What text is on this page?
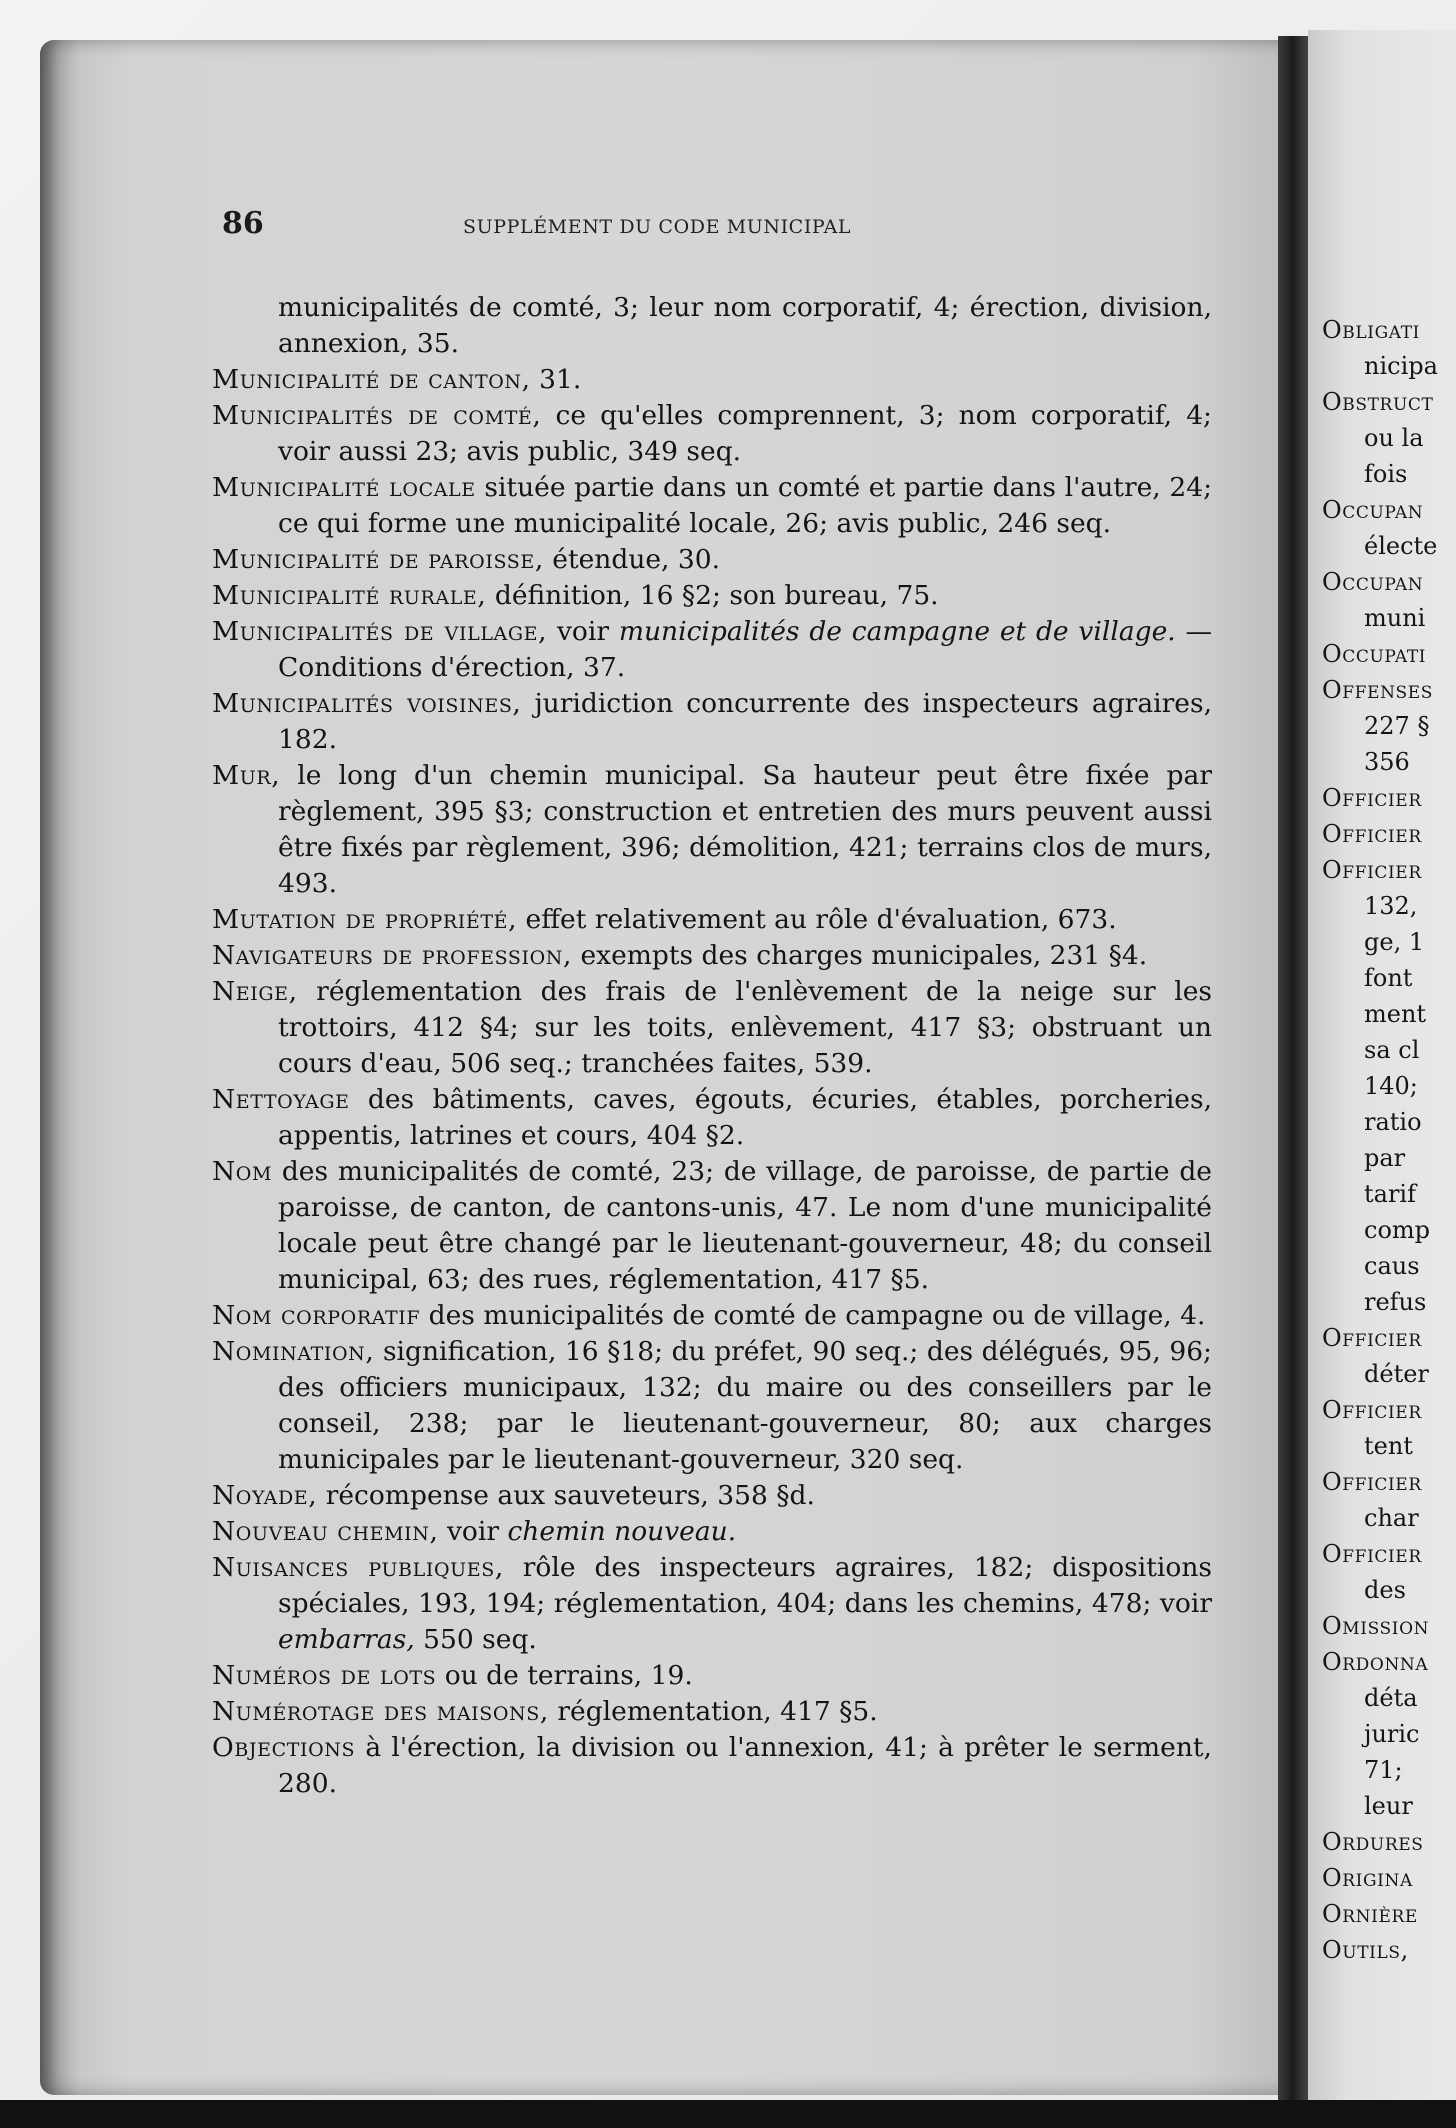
86	SUPPLÉMENT DU CODE MUNICIPAL

municipalités de comté, 3; leur nom corporatif, 4; érection, division, annexion, 35.

Municipalité de canton, 31.

Municipalités de comté, ce qu'elles comprennent, 3; nom corporatif, 4; voir aussi 23; avis public, 349 seq.

Municipalité locale située partie dans un comté et partie dans l'autre, 24; ce qui forme une municipalité locale, 26; avis public, 246 seq.

Municipalité de paroisse, étendue, 30.

Municipalité rurale, définition, 16 §2; son bureau, 75.

Municipalités de village, voir municipalités de campagne et de village. — Conditions d'érection, 37.

Municipalités voisines, juridiction concurrente des inspecteurs agraires, 182.

Mur, le long d'un chemin municipal. Sa hauteur peut être fixée par règlement, 395 §3; construction et entretien des murs peuvent aussi être fixés par règlement, 396; démolition, 421; terrains clos de murs, 493.

Mutation de propriété, effet relativement au rôle d'évaluation, 673.

Navigateurs de profession, exempts des charges municipales, 231 §4.

Neige, réglementation des frais de l'enlèvement de la neige sur les trottoirs, 412 §4; sur les toits, enlèvement, 417 §3; obstruant un cours d'eau, 506 seq.; tranchées faites, 539.

Nettoyage des bâtiments, caves, égouts, écuries, étables, porcheries, appentis, latrines et cours, 404 §2.

Nom des municipalités de comté, 23; de village, de paroisse, de partie de paroisse, de canton, de cantons-unis, 47. Le nom d'une municipalité locale peut être changé par le lieutenant-gouverneur, 48; du conseil municipal, 63; des rues, réglementation, 417 §5.

Nom corporatif des municipalités de comté de campagne ou de village, 4.

Nomination, signification, 16 §18; du préfet, 90 seq.; des délégués, 95, 96; des officiers municipaux, 132; du maire ou des conseillers par le conseil, 238; par le lieutenant-gouverneur, 80; aux charges municipales par le lieutenant-gouverneur, 320 seq.

Noyade, récompense aux sauveteurs, 358 §d.

Nouveau chemin, voir chemin nouveau.

Nuisances publiques, rôle des inspecteurs agraires, 182; dispositions spéciales, 193, 194; réglementation, 404; dans les chemins, 478; voir embarras, 550 seq.

Numéros de lots ou de terrains, 19.

Numérotage des maisons, réglementation, 417 §5.

Objections à l'érection, la division ou l'annexion, 41; à prêter le serment, 280.

Obligati
nicipa
Obstruct
ou la
fois
Occupan
électe
Occupan
muni
Occupati
Offenses
227 §
356
Officier
Officier
Officier
132,
ge, 1
font
ment
sa cl
140;
ratio
par
tarif
comp
caus
refus
Officier
déter
Officier
tent
Officier
char
Officier
des
Omission
Ordonna
déta
juric
71;
leur
Ordures
Origina
Ornière
Outils,
